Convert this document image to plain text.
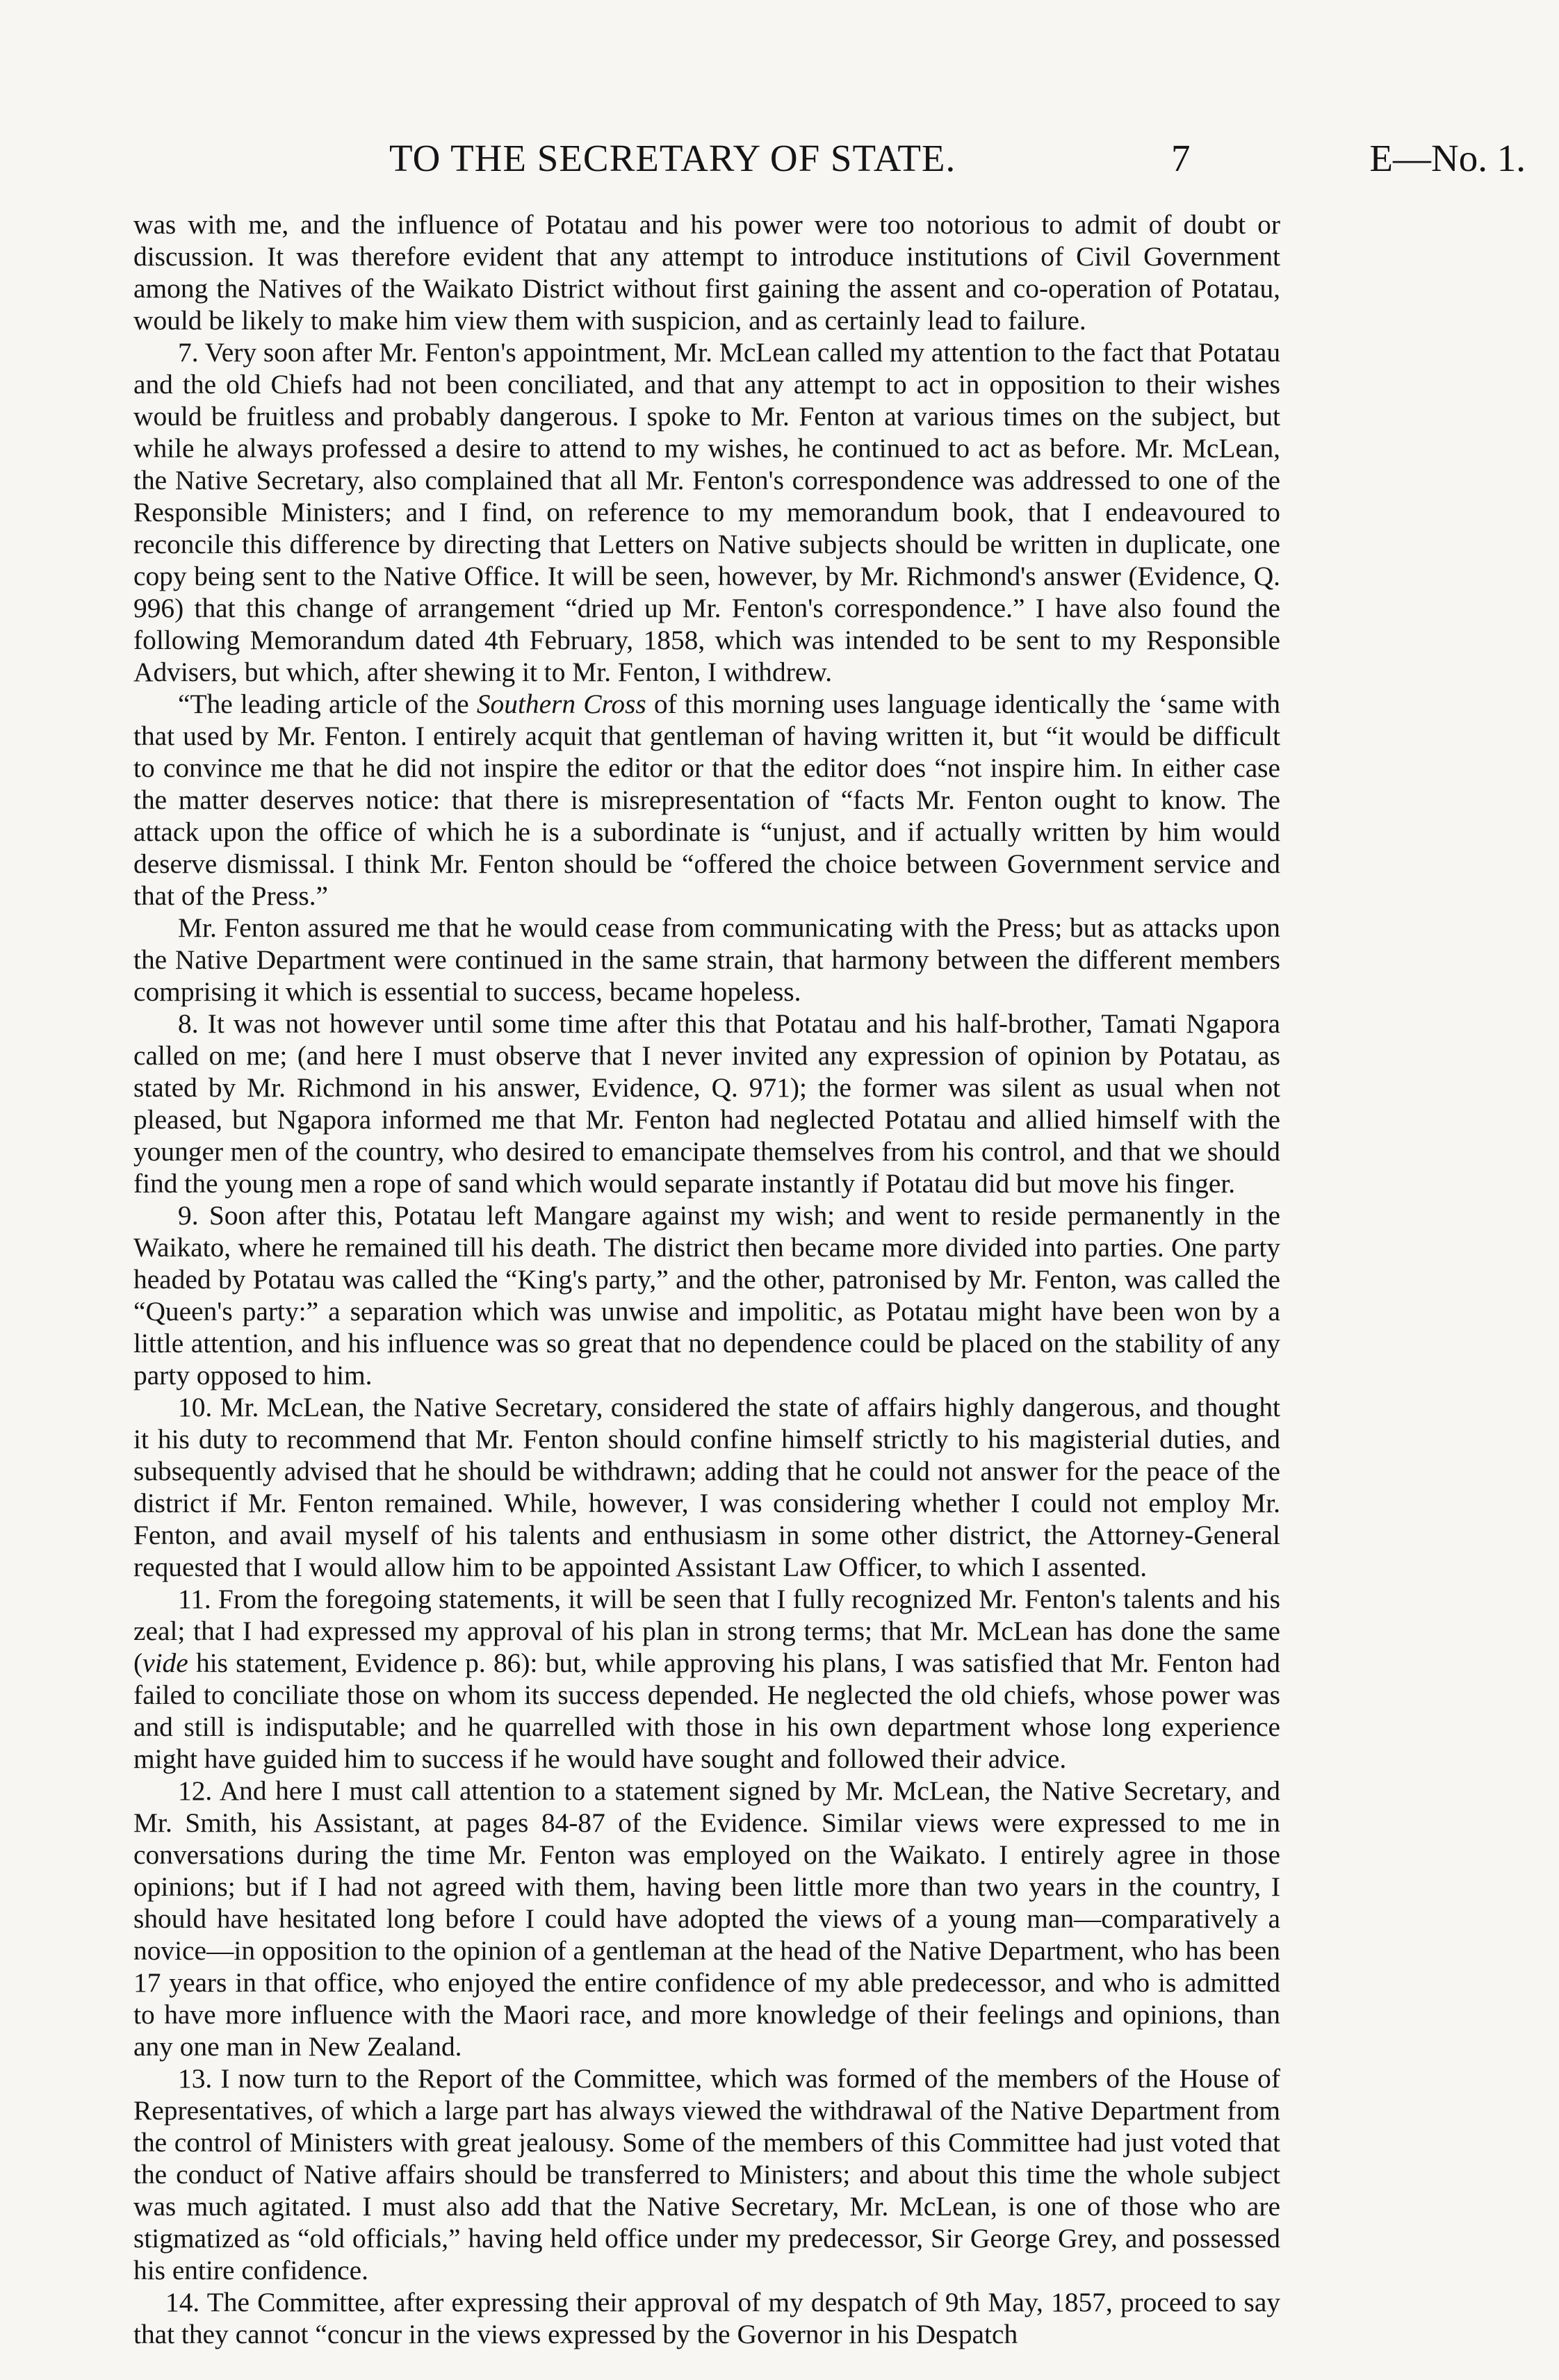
TO THE SECRETARY OF STATE.	7	E—No. 1.

was with me, and the influence of Potatau and his power were too notorious to admit of doubt or discussion. It was therefore evident that any attempt to introduce institutions of Civil Government among the Natives of the Waikato District without first gaining the assent and co-operation of Potatau, would be likely to make him view them with suspicion, and as certainly lead to failure.

7. Very soon after Mr. Fenton's appointment, Mr. McLean called my attention to the fact that Potatau and the old Chiefs had not been conciliated, and that any attempt to act in opposition to their wishes would be fruitless and probably dangerous. I spoke to Mr. Fenton at various times on the subject, but while he always professed a desire to attend to my wishes, he continued to act as before. Mr. McLean, the Native Secretary, also complained that all Mr. Fenton's correspondence was addressed to one of the Responsible Ministers; and I find, on reference to my memorandum book, that I endeavoured to reconcile this difference by directing that Letters on Native subjects should be written in duplicate, one copy being sent to the Native Office. It will be seen, however, by Mr. Richmond's answer (Evidence, Q. 996) that this change of arrangement “dried up Mr. Fenton's correspondence.” I have also found the following Memorandum dated 4th February, 1858, which was intended to be sent to my Responsible Advisers, but which, after shewing it to Mr. Fenton, I withdrew.

“The leading article of the Southern Cross of this morning uses language identically the ‘same with that used by Mr. Fenton. I entirely acquit that gentleman of having written it, but “it would be difficult to convince me that he did not inspire the editor or that the editor does “not inspire him. In either case the matter deserves notice: that there is misrepresentation of “facts Mr. Fenton ought to know. The attack upon the office of which he is a subordinate is “unjust, and if actually written by him would deserve dismissal. I think Mr. Fenton should be “offered the choice between Government service and that of the Press.”

Mr. Fenton assured me that he would cease from communicating with the Press; but as attacks upon the Native Department were continued in the same strain, that harmony between the different members comprising it which is essential to success, became hopeless.

8. It was not however until some time after this that Potatau and his half-brother, Tamati Ngapora called on me; (and here I must observe that I never invited any expression of opinion by Potatau, as stated by Mr. Richmond in his answer, Evidence, Q. 971); the former was silent as usual when not pleased, but Ngapora informed me that Mr. Fenton had neglected Potatau and allied himself with the younger men of the country, who desired to emancipate themselves from his control, and that we should find the young men a rope of sand which would separate instantly if Potatau did but move his finger.

9. Soon after this, Potatau left Mangare against my wish; and went to reside permanently in the Waikato, where he remained till his death. The district then became more divided into parties. One party headed by Potatau was called the “King's party,” and the other, patronised by Mr. Fenton, was called the “Queen's party:” a separation which was unwise and impolitic, as Potatau might have been won by a little attention, and his influence was so great that no dependence could be placed on the stability of any party opposed to him.

10. Mr. McLean, the Native Secretary, considered the state of affairs highly dangerous, and thought it his duty to recommend that Mr. Fenton should confine himself strictly to his magisterial duties, and subsequently advised that he should be withdrawn; adding that he could not answer for the peace of the district if Mr. Fenton remained. While, however, I was considering whether I could not employ Mr. Fenton, and avail myself of his talents and enthusiasm in some other district, the Attorney-General requested that I would allow him to be appointed Assistant Law Officer, to which I assented.

11. From the foregoing statements, it will be seen that I fully recognized Mr. Fenton's talents and his zeal; that I had expressed my approval of his plan in strong terms; that Mr. McLean has done the same (vide his statement, Evidence p. 86): but, while approving his plans, I was satisfied that Mr. Fenton had failed to conciliate those on whom its success depended. He neglected the old chiefs, whose power was and still is indisputable; and he quarrelled with those in his own department whose long experience might have guided him to success if he would have sought and followed their advice.

12. And here I must call attention to a statement signed by Mr. McLean, the Native Secretary, and Mr. Smith, his Assistant, at pages 84-87 of the Evidence. Similar views were expressed to me in conversations during the time Mr. Fenton was employed on the Waikato. I entirely agree in those opinions; but if I had not agreed with them, having been little more than two years in the country, I should have hesitated long before I could have adopted the views of a young man—comparatively a novice—in opposition to the opinion of a gentleman at the head of the Native Department, who has been 17 years in that office, who enjoyed the entire confidence of my able predecessor, and who is admitted to have more influence with the Maori race, and more knowledge of their feelings and opinions, than any one man in New Zealand.

13. I now turn to the Report of the Committee, which was formed of the members of the House of Representatives, of which a large part has always viewed the withdrawal of the Native Department from the control of Ministers with great jealousy. Some of the members of this Committee had just voted that the conduct of Native affairs should be transferred to Ministers; and about this time the whole subject was much agitated. I must also add that the Native Secretary, Mr. McLean, is one of those who are stigmatized as “old officials,” having held office under my predecessor, Sir George Grey, and possessed his entire confidence.

14. The Committee, after expressing their approval of my despatch of 9th May, 1857, proceed to say that they cannot “concur in the views expressed by the Governor in his Despatch
